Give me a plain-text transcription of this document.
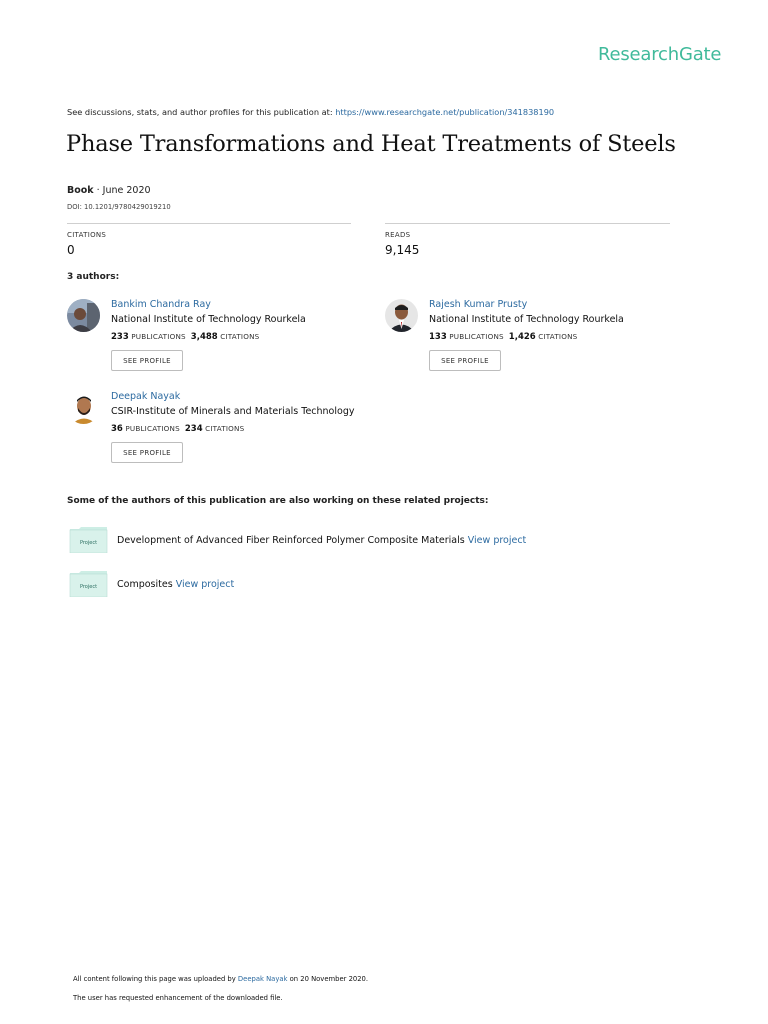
ResearchGate
See discussions, stats, and author profiles for this publication at: https://www.researchgate.net/publication/341838190
Phase Transformations and Heat Treatments of Steels
Book · June 2020
DOI: 10.1201/9780429019210
CITATIONS
0
READS
9,145
3 authors:
Bankim Chandra Ray
National Institute of Technology Rourkela
233 PUBLICATIONS 3,488 CITATIONS
SEE PROFILE
Rajesh Kumar Prusty
National Institute of Technology Rourkela
133 PUBLICATIONS 1,426 CITATIONS
SEE PROFILE
Deepak Nayak
CSIR-Institute of Minerals and Materials Technology
36 PUBLICATIONS 234 CITATIONS
SEE PROFILE
Some of the authors of this publication are also working on these related projects:
Project Development of Advanced Fiber Reinforced Polymer Composite Materials View project
Project Composites View project
All content following this page was uploaded by Deepak Nayak on 20 November 2020.
The user has requested enhancement of the downloaded file.
